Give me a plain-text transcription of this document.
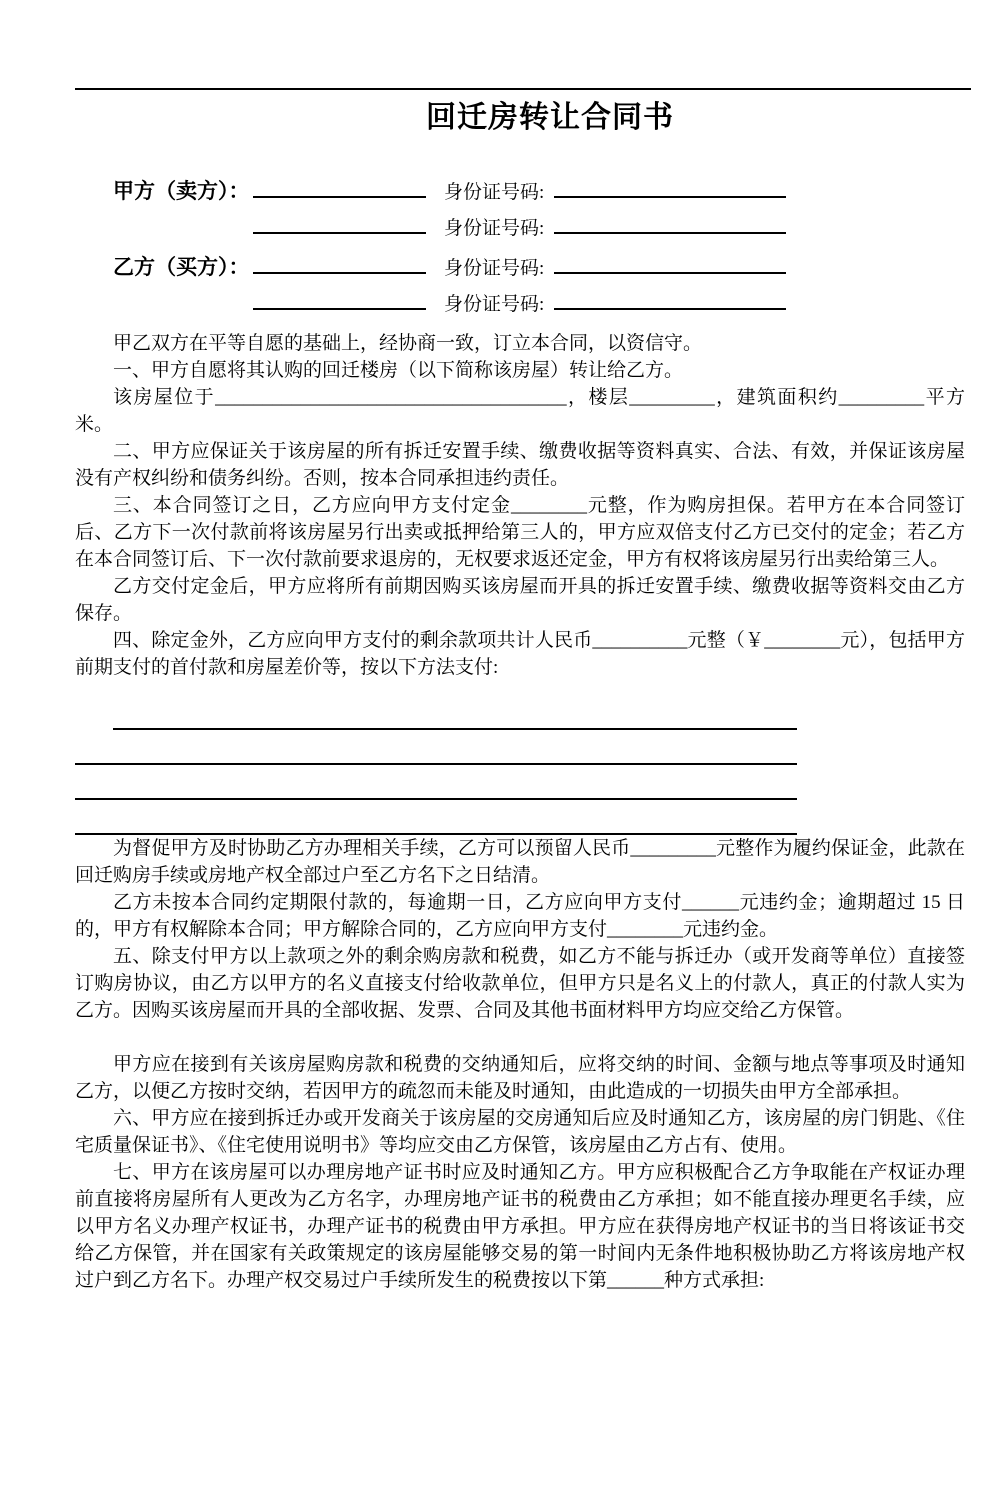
回迁房转让合同书
甲方（卖方）：	身份证号码:
身份证号码:
乙方（买方）：	身份证号码:
身份证号码:

甲乙双方在平等自愿的基础上，经协商一致，订立本合同，以资信守。

一、甲方自愿将其认购的回迁楼房（以下简称该房屋）转让给乙方。

该房屋位于_____________________________________，楼层_________，建筑面积约_________平方米。

二、甲方应保证关于该房屋的所有拆迁安置手续、缴费收据等资料真实、合法、有效，并保证该房屋没有产权纠纷和债务纠纷。否则，按本合同承担违约责任。

三、本合同签订之日，乙方应向甲方支付定金________元整，作为购房担保。若甲方在本合同签订后、乙方下一次付款前将该房屋另行出卖或抵押给第三人的，甲方应双倍支付乙方已交付的定金；若乙方在本合同签订后、下一次付款前要求退房的，无权要求返还定金，甲方有权将该房屋另行出卖给第三人。

乙方交付定金后，甲方应将所有前期因购买该房屋而开具的拆迁安置手续、缴费收据等资料交由乙方保存。

四、除定金外，乙方应向甲方支付的剩余款项共计人民币__________元整（￥________元），包括甲方前期支付的首付款和房屋差价等，按以下方法支付:

为督促甲方及时协助乙方办理相关手续，乙方可以预留人民币_________元整作为履约保证金，此款在回迁购房手续或房地产权全部过户至乙方名下之日结清。

乙方未按本合同约定期限付款的，每逾期一日，乙方应向甲方支付______元违约金；逾期超过 15 日的，甲方有权解除本合同；甲方解除合同的，乙方应向甲方支付________元违约金。

五、除支付甲方以上款项之外的剩余购房款和税费，如乙方不能与拆迁办（或开发商等单位）直接签订购房协议，由乙方以甲方的名义直接支付给收款单位，但甲方只是名义上的付款人，真正的付款人实为乙方。因购买该房屋而开具的全部收据、发票、合同及其他书面材料甲方均应交给乙方保管。

甲方应在接到有关该房屋购房款和税费的交纳通知后，应将交纳的时间、金额与地点等事项及时通知乙方，以便乙方按时交纳，若因甲方的疏忽而未能及时通知，由此造成的一切损失由甲方全部承担。

六、甲方应在接到拆迁办或开发商关于该房屋的交房通知后应及时通知乙方，该房屋的房门钥匙、《住宅质量保证书》、《住宅使用说明书》等均应交由乙方保管，该房屋由乙方占有、使用。

七、甲方在该房屋可以办理房地产证书时应及时通知乙方。甲方应积极配合乙方争取能在产权证办理前直接将房屋所有人更改为乙方名字，办理房地产证书的税费由乙方承担；如不能直接办理更名手续，应以甲方名义办理产权证书，办理产证书的税费由甲方承担。甲方应在获得房地产权证书的当日将该证书交给乙方保管，并在国家有关政策规定的该房屋能够交易的第一时间内无条件地积极协助乙方将该房地产权过户到乙方名下。办理产权交易过户手续所发生的税费按以下第______种方式承担:
